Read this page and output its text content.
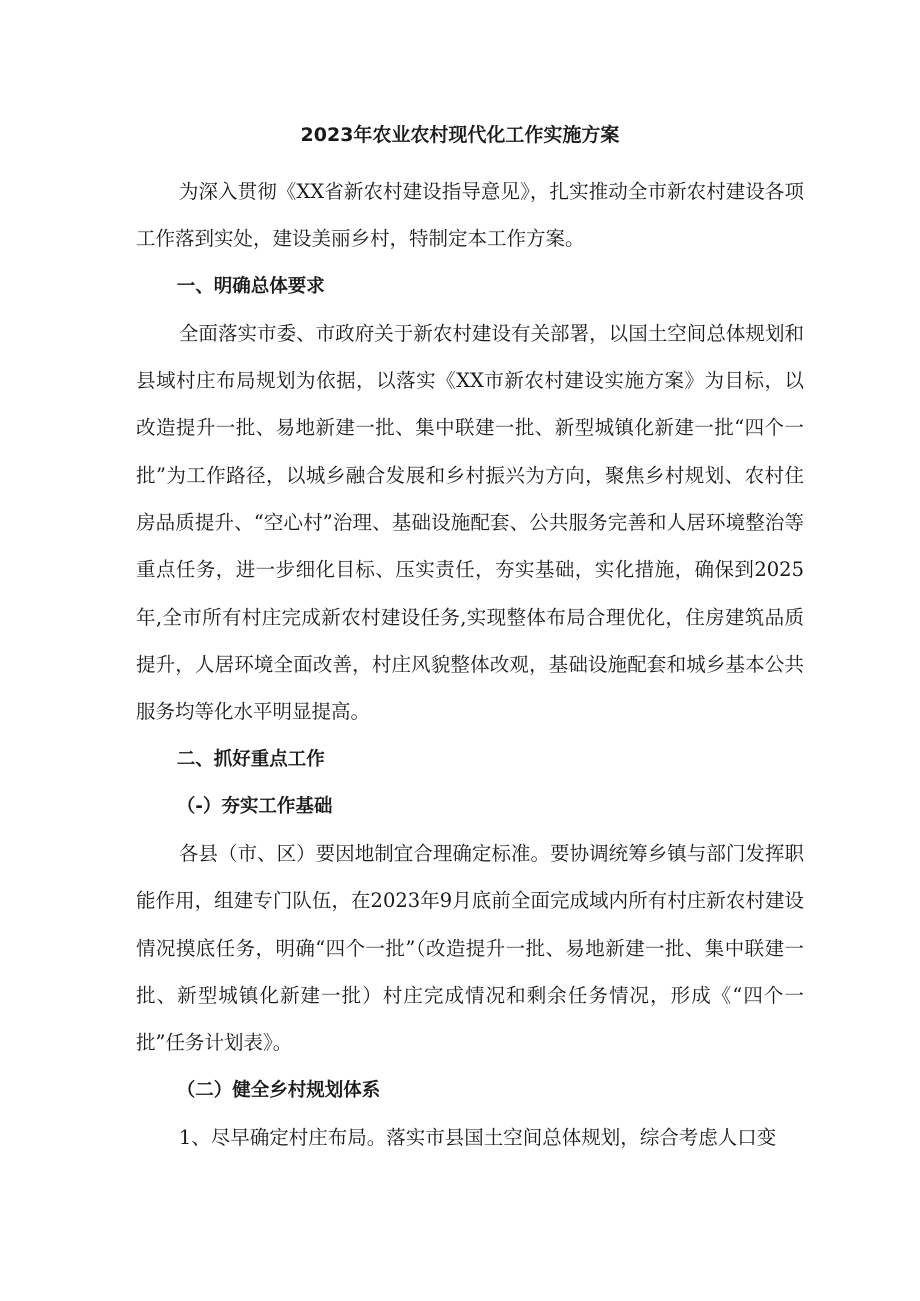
2023年农业农村现代化工作实施方案

为深入贯彻《XX省新农村建设指导意见》，扎实推动全市新农村建设各项工作落到实处，建设美丽乡村，特制定本工作方案。

一、明确总体要求

全面落实市委、市政府关于新农村建设有关部署，以国土空间总体规划和县域村庄布局规划为依据，以落实《XX市新农村建设实施方案》为目标，以改造提升一批、易地新建一批、集中联建一批、新型城镇化新建一批“四个一批”为工作路径，以城乡融合发展和乡村振兴为方向，聚焦乡村规划、农村住房品质提升、“空心村”治理、基础设施配套、公共服务完善和人居环境整治等重点任务，进一步细化目标、压实责任，夯实基础，实化措施，确保到2025年,全市所有村庄完成新农村建设任务,实现整体布局合理优化，住房建筑品质提升，人居环境全面改善，村庄风貌整体改观，基础设施配套和城乡基本公共服务均等化水平明显提高。

二、抓好重点工作

（-）夯实工作基础

各县（市、区）要因地制宜合理确定标准。要协调统筹乡镇与部门发挥职能作用，组建专门队伍，在2023年9月底前全面完成域内所有村庄新农村建设情况摸底任务，明确“四个一批”（改造提升一批、易地新建一批、集中联建一批、新型城镇化新建一批）村庄完成情况和剩余任务情况，形成《“四个一批”任务计划表》。

（二）健全乡村规划体系

1、尽早确定村庄布局。落实市县国土空间总体规划，综合考虑人口变
